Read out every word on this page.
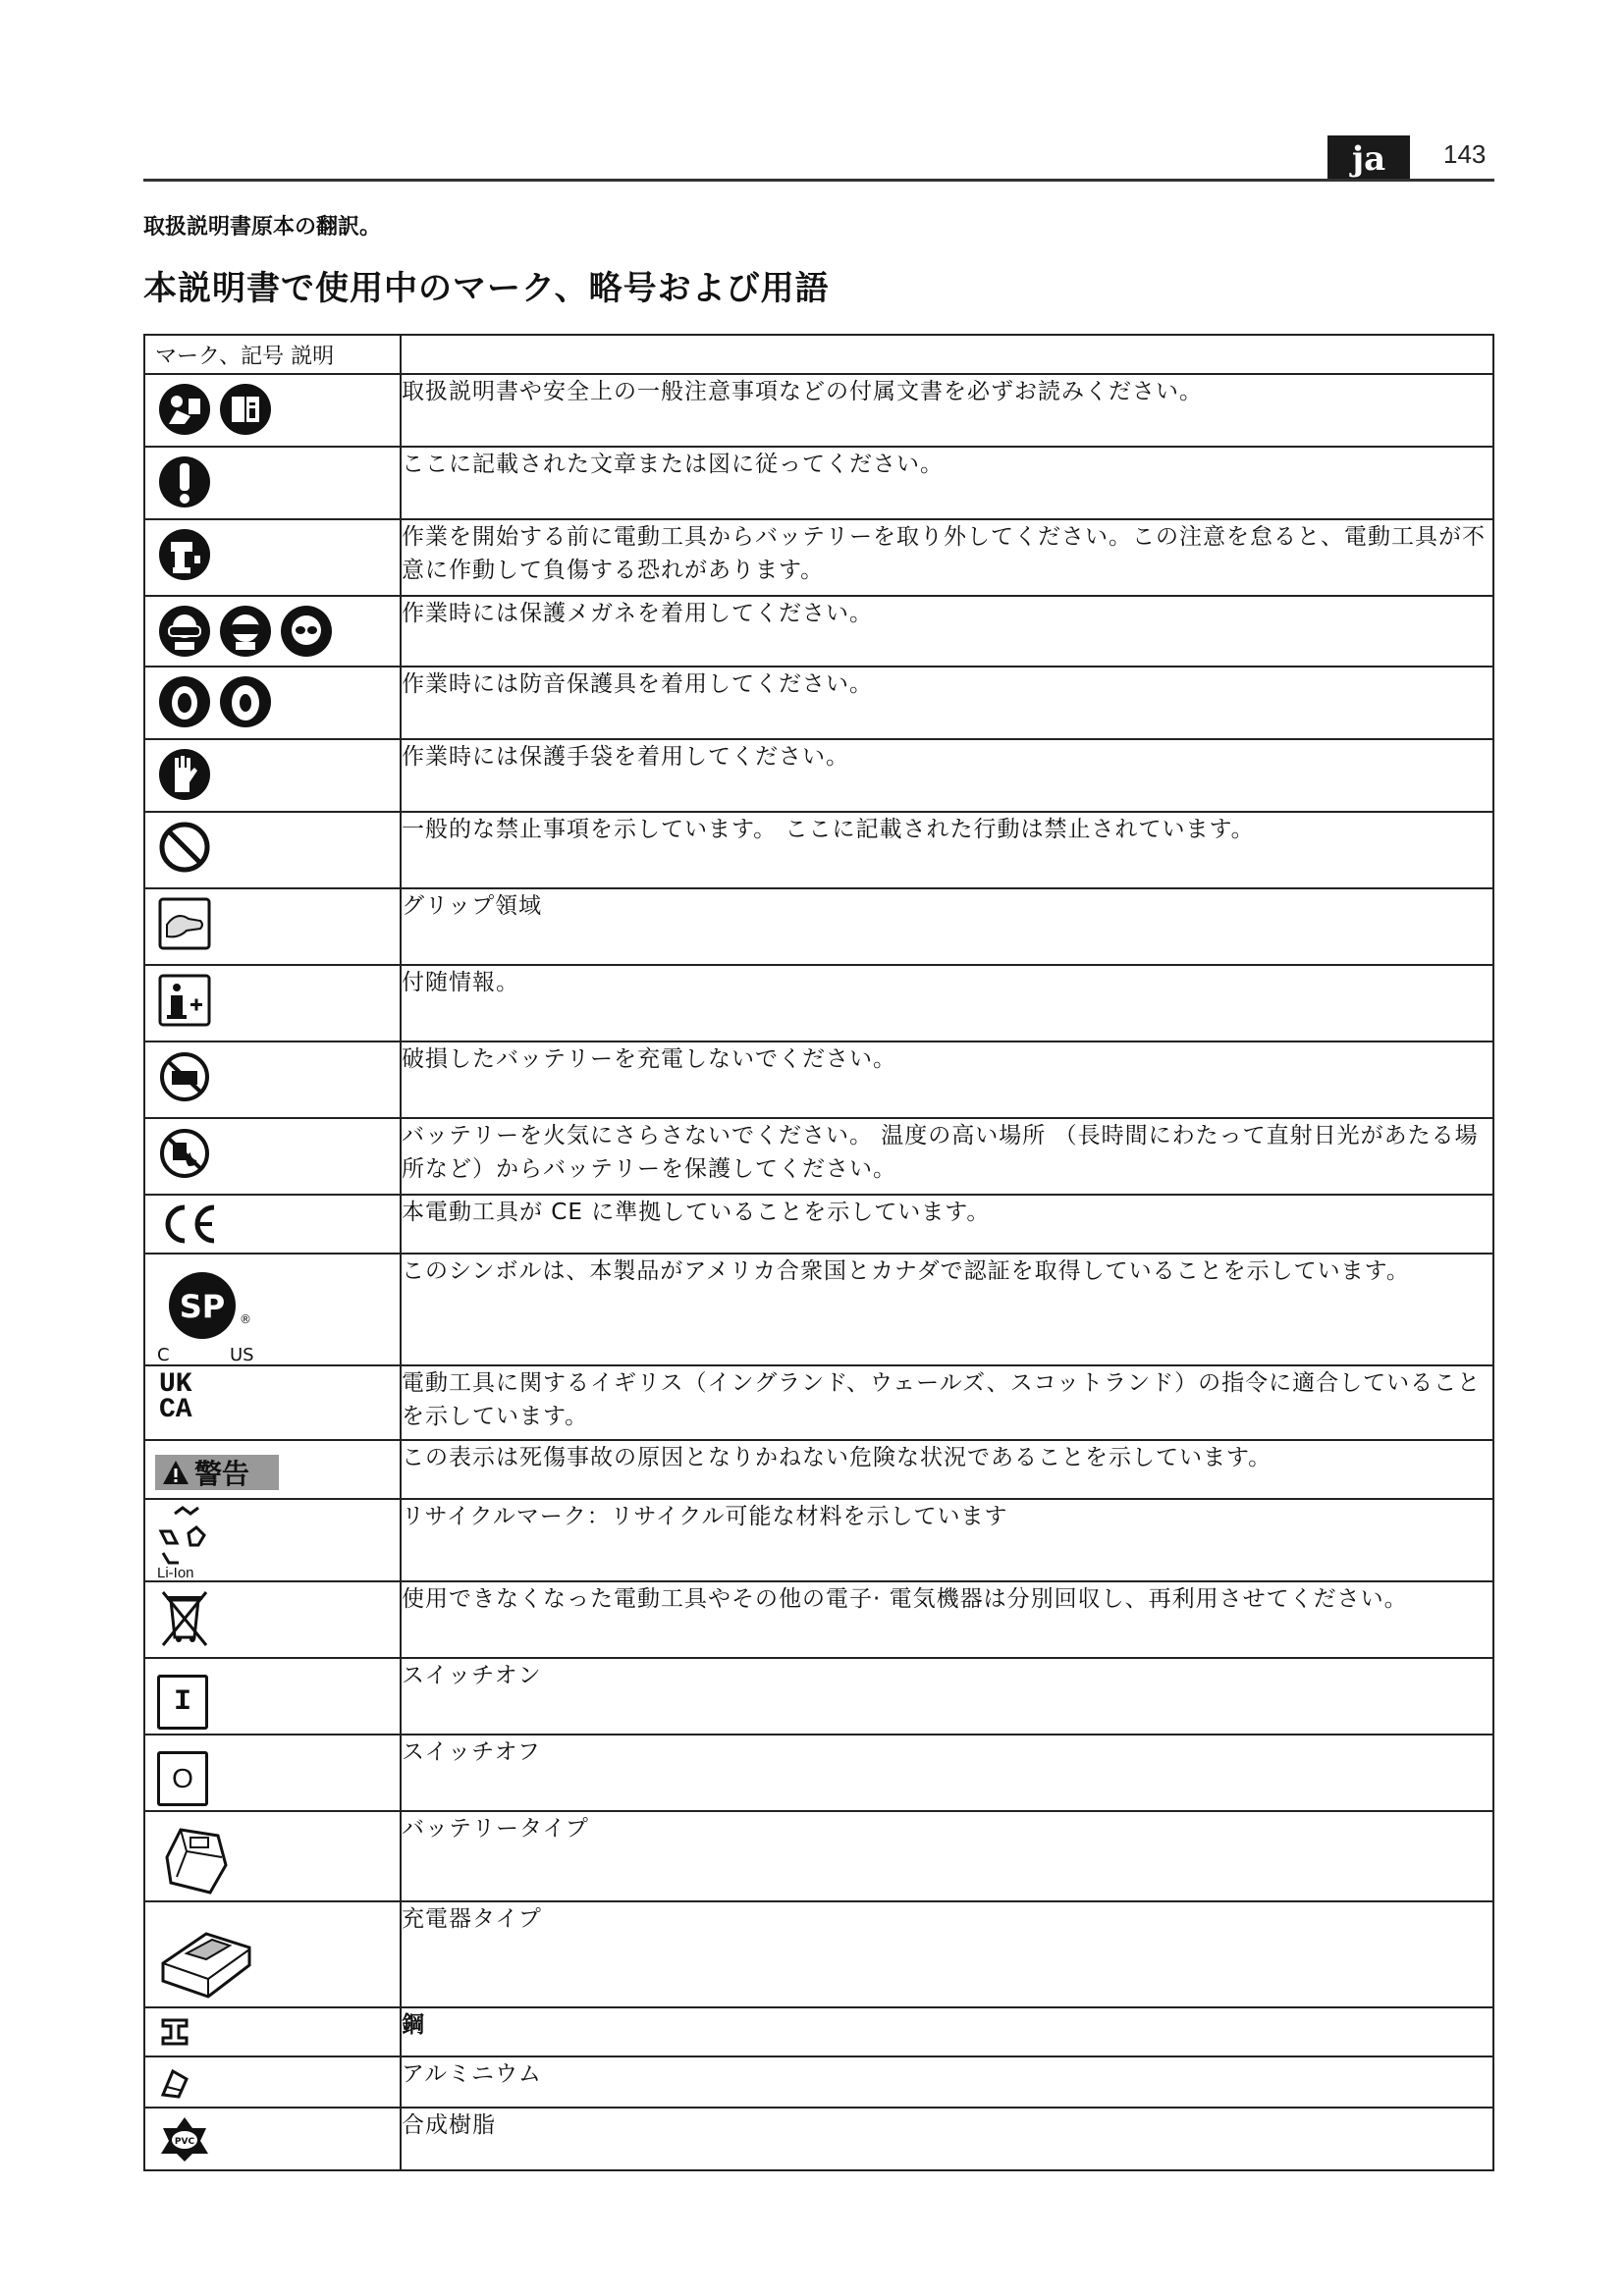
ja	143
取扱説明書原本の翻訳。
本説明書で使用中のマーク、略号および用語
マーク、記号 説明	

	取扱説明書や安全上の一般注意事項などの付属文書を必ずお読みください。

	ここに記載された文章または図に従ってください。

	作業を開始する前に電動工具からバッテリーを取り外してください。この注意を怠ると、電動工具が不意に作動して負傷する恐れがあります。

	作業時には保護メガネを着用してください。

	作業時には防音保護具を着用してください。

	作業時には保護手袋を着用してください。

	一般的な禁止事項を示しています。 ここに記載された行動は禁止されています。

	グリップ領域

	付随情報。

	破損したバッテリーを充電しないでください。

	バッテリーを火気にさらさないでください。 温度の高い場所 （長時間にわたって直射日光があたる場所など）からバッテリーを保護してください。

	本電動工具が CE に準拠していることを示しています。

SP ®
C US	このシンボルは、本製品がアメリカ合衆国とカナダで認証を取得していることを示しています。

UK
CA	電動工具に関するイギリス（イングランド、ウェールズ、スコットランド）の指令に適合していることを示しています。

警告	この表示は死傷事故の原因となりかねない危険な状況であることを示しています。

Li-Ion	リサイクルマーク：リサイクル可能な材料を示しています

	使用できなくなった電動工具やその他の電子· 電気機器は分別回収し、再利用させてください。

I	スイッチオン

O	スイッチオフ

	バッテリータイプ

	充電器タイプ

	鋼

	アルミニウム

PVC	合成樹脂
